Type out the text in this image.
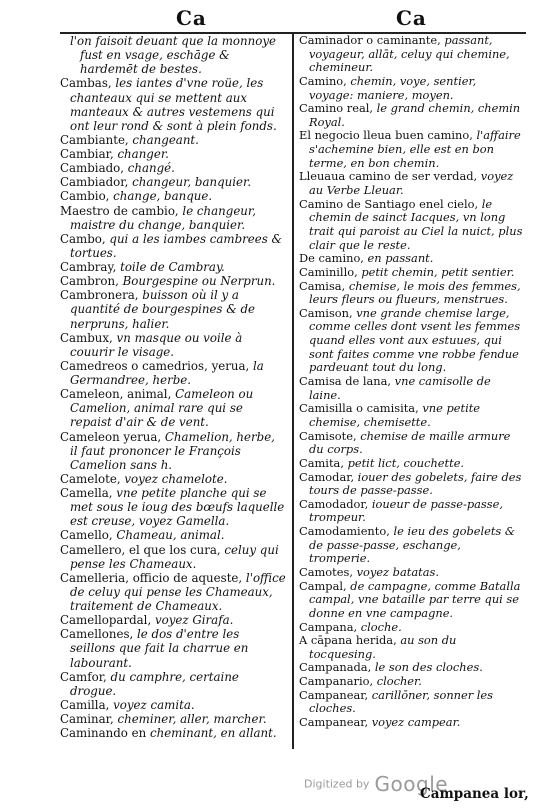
Ca	Ca

l'on faisoit deuant que la monnoye fust en vsage, eschāge & hardemēt de bestes.

Cambas, les iantes d'vne roüe, les chanteaux qui se mettent aux manteaux & autres vestemens qui ont leur rond & sont à plein fonds.

Cambiante, changeant.

Cambiar, changer.

Cambiado, changé.

Cambiador, changeur, banquier.

Cambio, change, banque.

Maestro de cambio, le changeur, maistre du change, banquier.

Cambo, qui a les iambes cambrees & tortues.

Cambray, toile de Cambray.

Cambron, Bourgespine ou Nerprun.

Cambronera, buisson où il y a quantité de bourgespines & de nerpruns, halier.

Cambux, vn masque ou voile à couurir le visage.

Camedreos o camedrios, yerua, la Germandree, herbe.

Cameleon, animal, Cameleon ou Camelion, animal rare qui se repaist d'air & de vent.

Cameleon yerua, Chamelion, herbe, il faut prononcer le François Camelion sans h.

Camelote, voyez chamelote.

Camella, vne petite planche qui se met sous le ioug des bœufs laquelle est creuse, voyez Gamella.

Camello, Chameau, animal.

Camellero, el que los cura, celuy qui pense les Chameaux.

Camelleria, officio de aqueste, l'office de celuy qui pense les Chameaux, traitement de Chameaux.

Camellopardal, voyez Girafa.

Camellones, le dos d'entre les seillons que fait la charrue en labourant.

Camfor, du camphre, certaine drogue.

Camilla, voyez camita.

Caminar, cheminer, aller, marcher.

Caminando en cheminant, en allant.

Caminador o caminante, passant, voyageur, allāt, celuy qui chemine, chemineur.

Camino, chemin, voye, sentier, voyage: maniere, moyen.

Camino real, le grand chemin, chemin Royal.

El negocio lleua buen camino, l'affaire s'achemine bien, elle est en bon terme, en bon chemin.

Lleuaua camino de ser verdad, voyez au Verbe Lleuar.

Camino de Santiago enel cielo, le chemin de sainct Iacques, vn long trait qui paroist au Ciel la nuict, plus clair que le reste.

De camino, en passant.

Caminillo, petit chemin, petit sentier.

Camisa, chemise, le mois des femmes, leurs fleurs ou flueurs, menstrues.

Camison, vne grande chemise large, comme celles dont vsent les femmes quand elles vont aux estuues, qui sont faites comme vne robbe fendue pardeuant tout du long.

Camisa de lana, vne camisolle de laine.

Camisilla o camisita, vne petite chemise, chemisette.

Camisote, chemise de maille armure du corps.

Camita, petit lict, couchette.

Camodar, iouer des gobelets, faire des tours de passe-passe.

Camodador, ioueur de passe-passe, trompeur.

Camodamiento, le ieu des gobelets & de passe-passe, eschange, tromperie.

Camotes, voyez batatas.

Campal, de campagne, comme Batalla campal, vne bataille par terre qui se donne en vne campagne.

Campana, cloche.

A cāpana herida, au son du tocquesing.

Campanada, le son des cloches.

Campanario, clocher.

Campanear, carillōner, sonner les cloches.

Campanear, voyez campear.

Digitized by Google
Campanea lor,
